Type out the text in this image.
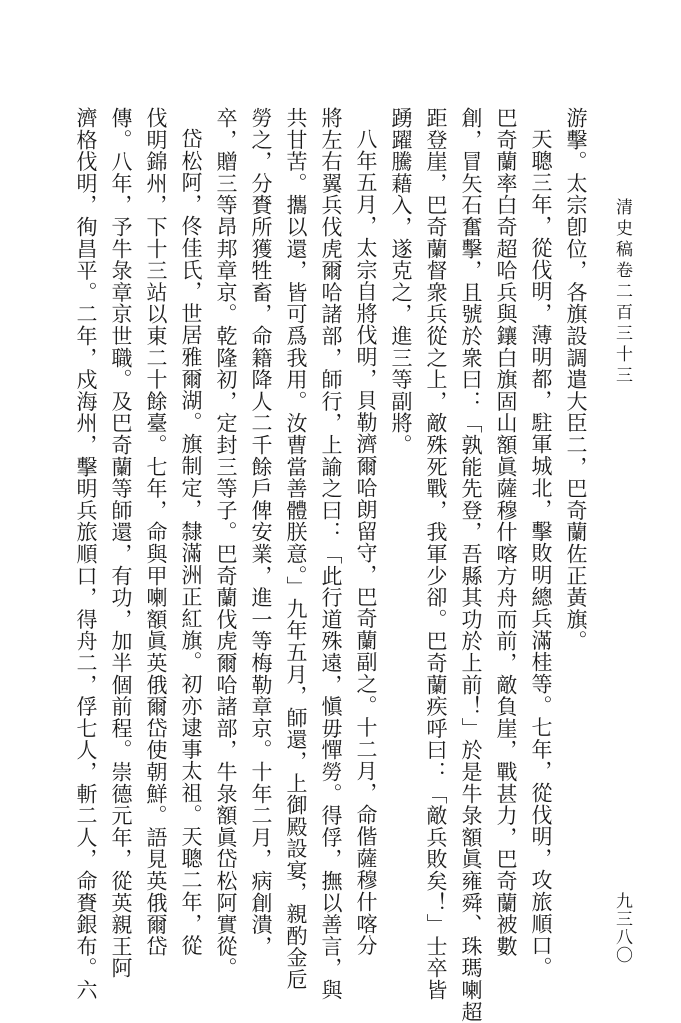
清史稿卷二百三十三
九三八〇
游擊。太宗卽位，各旗設調遣大臣二，巴奇蘭佐正黃旗。
天聰三年，從伐明，薄明都，駐軍城北，擊敗明總兵滿桂等。七年，從伐明，攻旅順口。
巴奇蘭率白奇超哈兵與鑲白旗固山額眞薩穆什喀方舟而前，敵負崖，戰甚力，巴奇蘭被數
創，冒矢石奮擊，且號於衆曰：「孰能先登，吾縣其功於上前！」於是牛彔額眞雍舜、珠瑪喇超
距登崖，巴奇蘭督衆兵從之上，敵殊死戰，我軍少卻。巴奇蘭疾呼曰：「敵兵敗矣！」士卒皆
踴躍騰藉入，遂克之，進三等副將。
八年五月，太宗自將伐明，貝勒濟爾哈朗留守，巴奇蘭副之。十二月，命偕薩穆什喀分
將左右翼兵伐虎爾哈諸部，師行，上諭之曰：「此行道殊遠，愼毋憚勞。得俘，撫以善言，與
共甘苦。攜以還，皆可爲我用。汝曹當善體朕意。」九年五月，師還，上御殿設宴，親酌金卮
勞之，分賚所獲牲畜，命籍降人二千餘戶俾安業，進一等梅勒章京。十年二月，病創潰，
卒，贈三等昂邦章京。乾隆初，定封三等子。巴奇蘭伐虎爾哈諸部，牛彔額眞岱松阿實從。
岱松阿，佟佳氏，世居雅爾湖。旗制定，隸滿洲正紅旗。初亦逮事太祖。天聰二年，從
伐明錦州，下十三站以東二十餘臺。七年，命與甲喇額眞英俄爾岱使朝鮮。語見英俄爾岱
傳。八年，予牛彔章京世職。及巴奇蘭等師還，有功，加半個前程。崇德元年，從英親王阿
濟格伐明，徇昌平。二年，戍海州，擊明兵旅順口，得舟二，俘七人，斬二人，命賚銀布。六
